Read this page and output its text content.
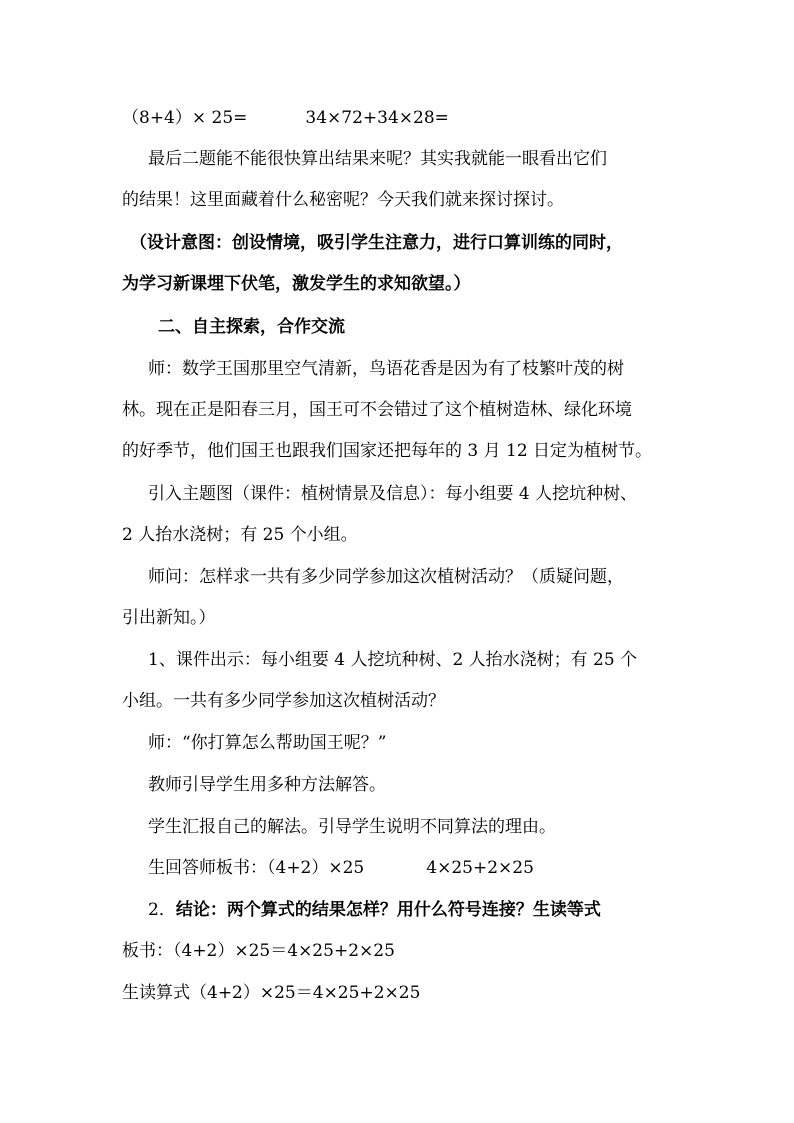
（8+4）× 25=	34×72+34×28=
最后二题能不能很快算出结果来呢？其实我就能一眼看出它们
的结果！这里面藏着什么秘密呢？今天我们就来探讨探讨。
（设计意图：创设情境，吸引学生注意力，进行口算训练的同时，
为学习新课埋下伏笔，激发学生的求知欲望。）
二、自主探索，合作交流
师：数学王国那里空气清新，鸟语花香是因为有了枝繁叶茂的树
林。现在正是阳春三月，国王可不会错过了这个植树造林、绿化环境
的好季节，他们国王也跟我们国家还把每年的 3 月 12 日定为植树节。
引入主题图（课件：植树情景及信息）：每小组要 4 人挖坑种树、
2 人抬水浇树；有 25 个小组。
师问：怎样求一共有多少同学参加这次植树活动？（质疑问题，
引出新知。）
1、课件出示：每小组要 4 人挖坑种树、2 人抬水浇树；有 25 个
小组。一共有多少同学参加这次植树活动？
师：“你打算怎么帮助国王呢？”
教师引导学生用多种方法解答。
学生汇报自己的解法。引导学生说明不同算法的理由。
生回答师板书：（4+2）×25	4×25+2×25
2．结论：两个算式的结果怎样？用什么符号连接？生读等式
板书：（4+2）×25＝4×25+2×25
生读算式（4+2）×25＝4×25+2×25
